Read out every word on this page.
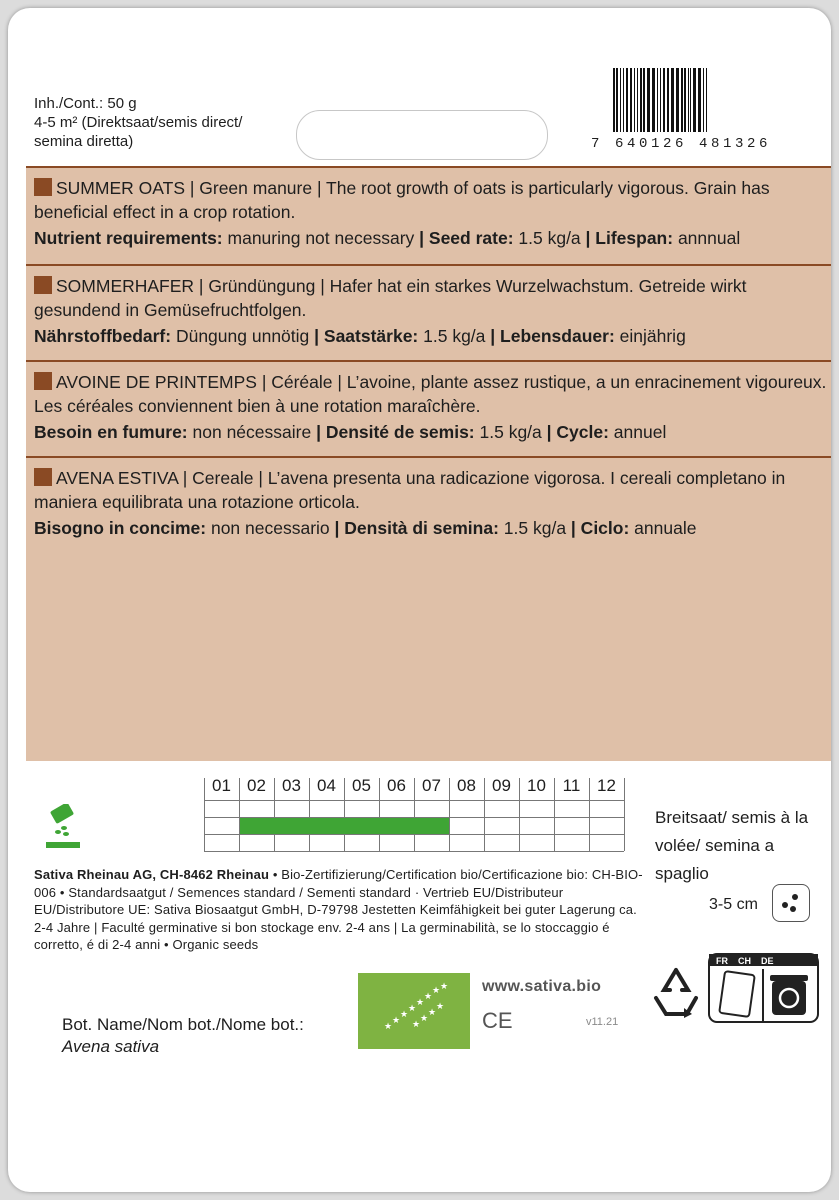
Inh./Cont.: 50 g
4-5 m² (Direktsaat/semis direct/
semina diretta)	7 640126 481326
SUMMER OATS | Green manure | The root growth of oats is particularly vigorous. Grain has beneficial effect in a crop rotation.
Nutrient requirements: manuring not necessary | Seed rate: 1.5 kg/a | Lifespan: annnual
SOMMERHAFER | Gründüngung | Hafer hat ein starkes Wurzelwachstum. Getreide wirkt gesundend in Gemüsefruchtfolgen.
Nährstoffbedarf: Düngung unnötig | Saatstärke: 1.5 kg/a | Lebensdauer: einjährig
AVOINE DE PRINTEMPS | Céréale | L’avoine, plante assez rustique, a un enracinement vigoureux. Les céréales conviennent bien à une rotation maraîchère.
Besoin en fumure: non nécessaire | Densité de semis: 1.5 kg/a | Cycle: annuel
AVENA ESTIVA | Cereale | L’avena presenta una radicazione vigorosa. I cereali completano in maniera equilibrata una rotazione orticola.
Bisogno in concime: non necessario | Densità di semina: 1.5 kg/a | Ciclo: annuale
01 02 03 04 05 06 07 08 09 10 11 12
Breitsaat/ semis à la volée/ semina a spaglio
3-5 cm
Sativa Rheinau AG, CH-8462 Rheinau • Bio-Zertifizierung/Certification bio/Certificazione bio: CH-BIO-006 • Standardsaatgut / Semences standard / Sementi standard · Vertrieb EU/Distributeur EU/Distributore UE: Sativa Biosaatgut GmbH, D-79798 Jestetten Keimfähigkeit bei guter Lagerung ca. 2-4 Jahre | Faculté germinative si bon stockage env. 2-4 ans | La germinabilità, se lo stoccaggio é corretto, é di 2-4 anni • Organic seeds
Bot. Name/Nom bot./Nome bot.:
Avena sativa
★
★
★
★
★
★
★ ★
★
★
★
★
www.sativa.bio
CE	v11.21
FR CH DE
